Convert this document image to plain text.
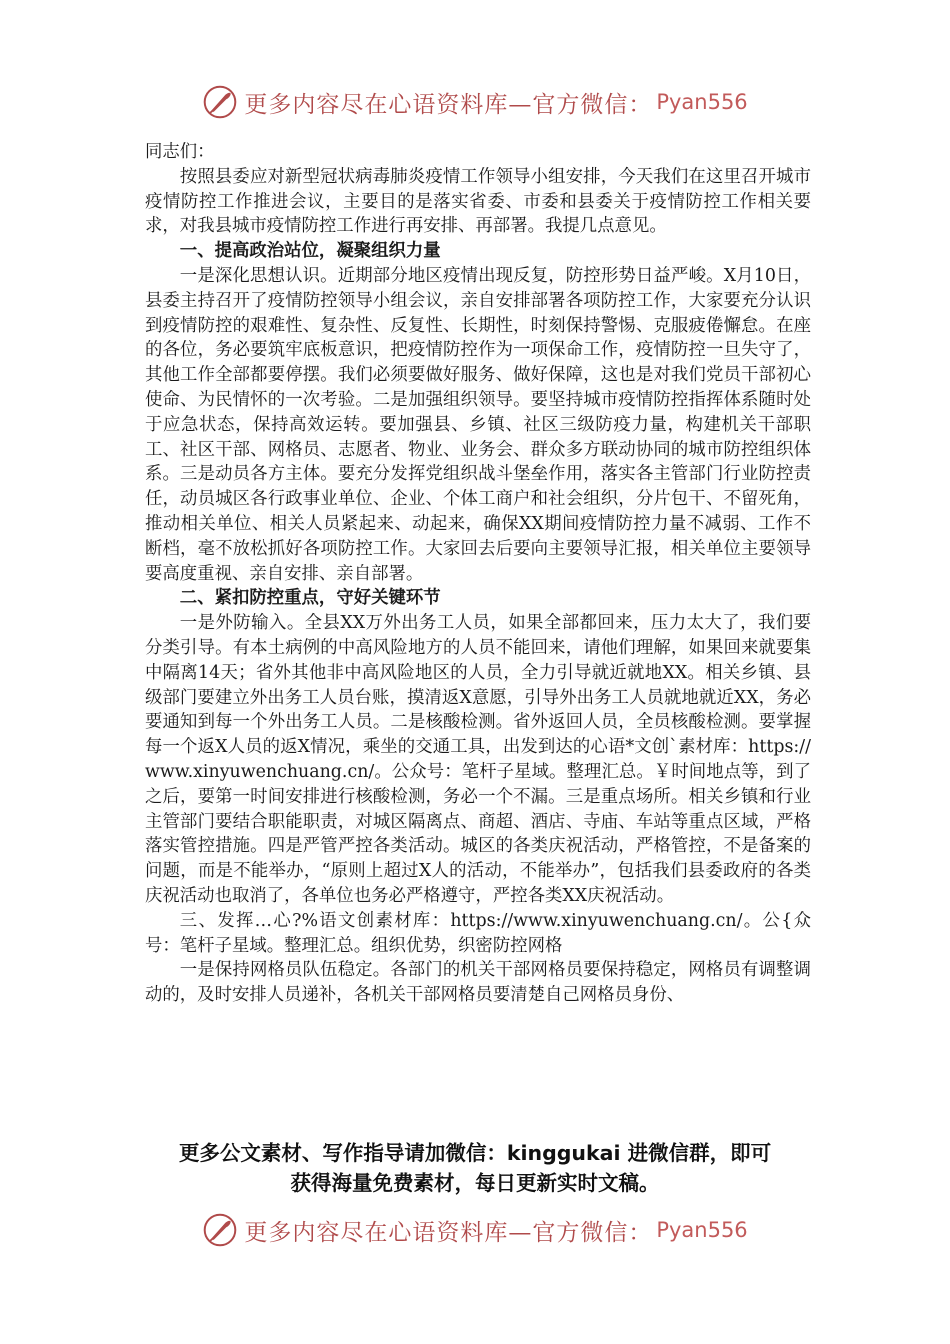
更多内容尽在心语资料库—官方微信： Pyan556

同志们：

按照县委应对新型冠状病毒肺炎疫情工作领导小组安排，今天我们在这里召开城市疫情防控工作推进会议，主要目的是落实省委、市委和县委关于疫情防控工作相关要求，对我县城市疫情防控工作进行再安排、再部署。我提几点意见。

一、提高政治站位，凝聚组织力量

一是深化思想认识。近期部分地区疫情出现反复，防控形势日益严峻。X月10日，县委主持召开了疫情防控领导小组会议，亲自安排部署各项防控工作，大家要充分认识到疫情防控的艰难性、复杂性、反复性、长期性，时刻保持警惕、克服疲倦懈怠。在座的各位，务必要筑牢底板意识，把疫情防控作为一项保命工作，疫情防控一旦失守了，其他工作全部都要停摆。我们必须要做好服务、做好保障，这也是对我们党员干部初心使命、为民情怀的一次考验。二是加强组织领导。要坚持城市疫情防控指挥体系随时处于应急状态，保持高效运转。要加强县、乡镇、社区三级防疫力量，构建机关干部职工、社区干部、网格员、志愿者、物业、业务会、群众多方联动协同的城市防控组织体系。三是动员各方主体。要充分发挥党组织战斗堡垒作用，落实各主管部门行业防控责任，动员城区各行政事业单位、企业、个体工商户和社会组织，分片包干、不留死角，推动相关单位、相关人员紧起来、动起来，确保XX期间疫情防控力量不减弱、工作不断档，毫不放松抓好各项防控工作。大家回去后要向主要领导汇报，相关单位主要领导要高度重视、亲自安排、亲自部署。

二、紧扣防控重点，守好关键环节

一是外防输入。全县XX万外出务工人员，如果全部都回来，压力太大了，我们要分类引导。有本土病例的中高风险地方的人员不能回来，请他们理解，如果回来就要集中隔离14天；省外其他非中高风险地区的人员，全力引导就近就地XX。相关乡镇、县级部门要建立外出务工人员台账，摸清返X意愿，引导外出务工人员就地就近XX，务必要通知到每一个外出务工人员。二是核酸检测。省外返回人员，全员核酸检测。要掌握每一个返X人员的返X情况，乘坐的交通工具，出发到达的心语*文创`素材库：https://www.xinyuwenchuang.cn/。公众号：笔杆子星域。整理汇总。￥时间地点等，到了之后，要第一时间安排进行核酸检测，务必一个不漏。三是重点场所。相关乡镇和行业主管部门要结合职能职责，对城区隔离点、商超、酒店、寺庙、车站等重点区域，严格落实管控措施。四是严管严控各类活动。城区的各类庆祝活动，严格管控，不是备案的问题，而是不能举办，“原则上超过X人的活动，不能举办”，包括我们县委政府的各类庆祝活动也取消了，各单位也务必严格遵守，严控各类XX庆祝活动。

三、发挥…心?%语文创素材库：https://www.xinyuwenchuang.cn/。公{众号：笔杆子星域。整理汇总。组织优势，织密防控网格

一是保持网格员队伍稳定。各部门的机关干部网格员要保持稳定，网格员有调整调动的，及时安排人员递补，各机关干部网格员要清楚自己网格员身份、

更多公文素材、写作指导请加微信：kinggukai 进微信群，即可
获得海量免费素材，每日更新实时文稿。
更多内容尽在心语资料库—官方微信： Pyan556
